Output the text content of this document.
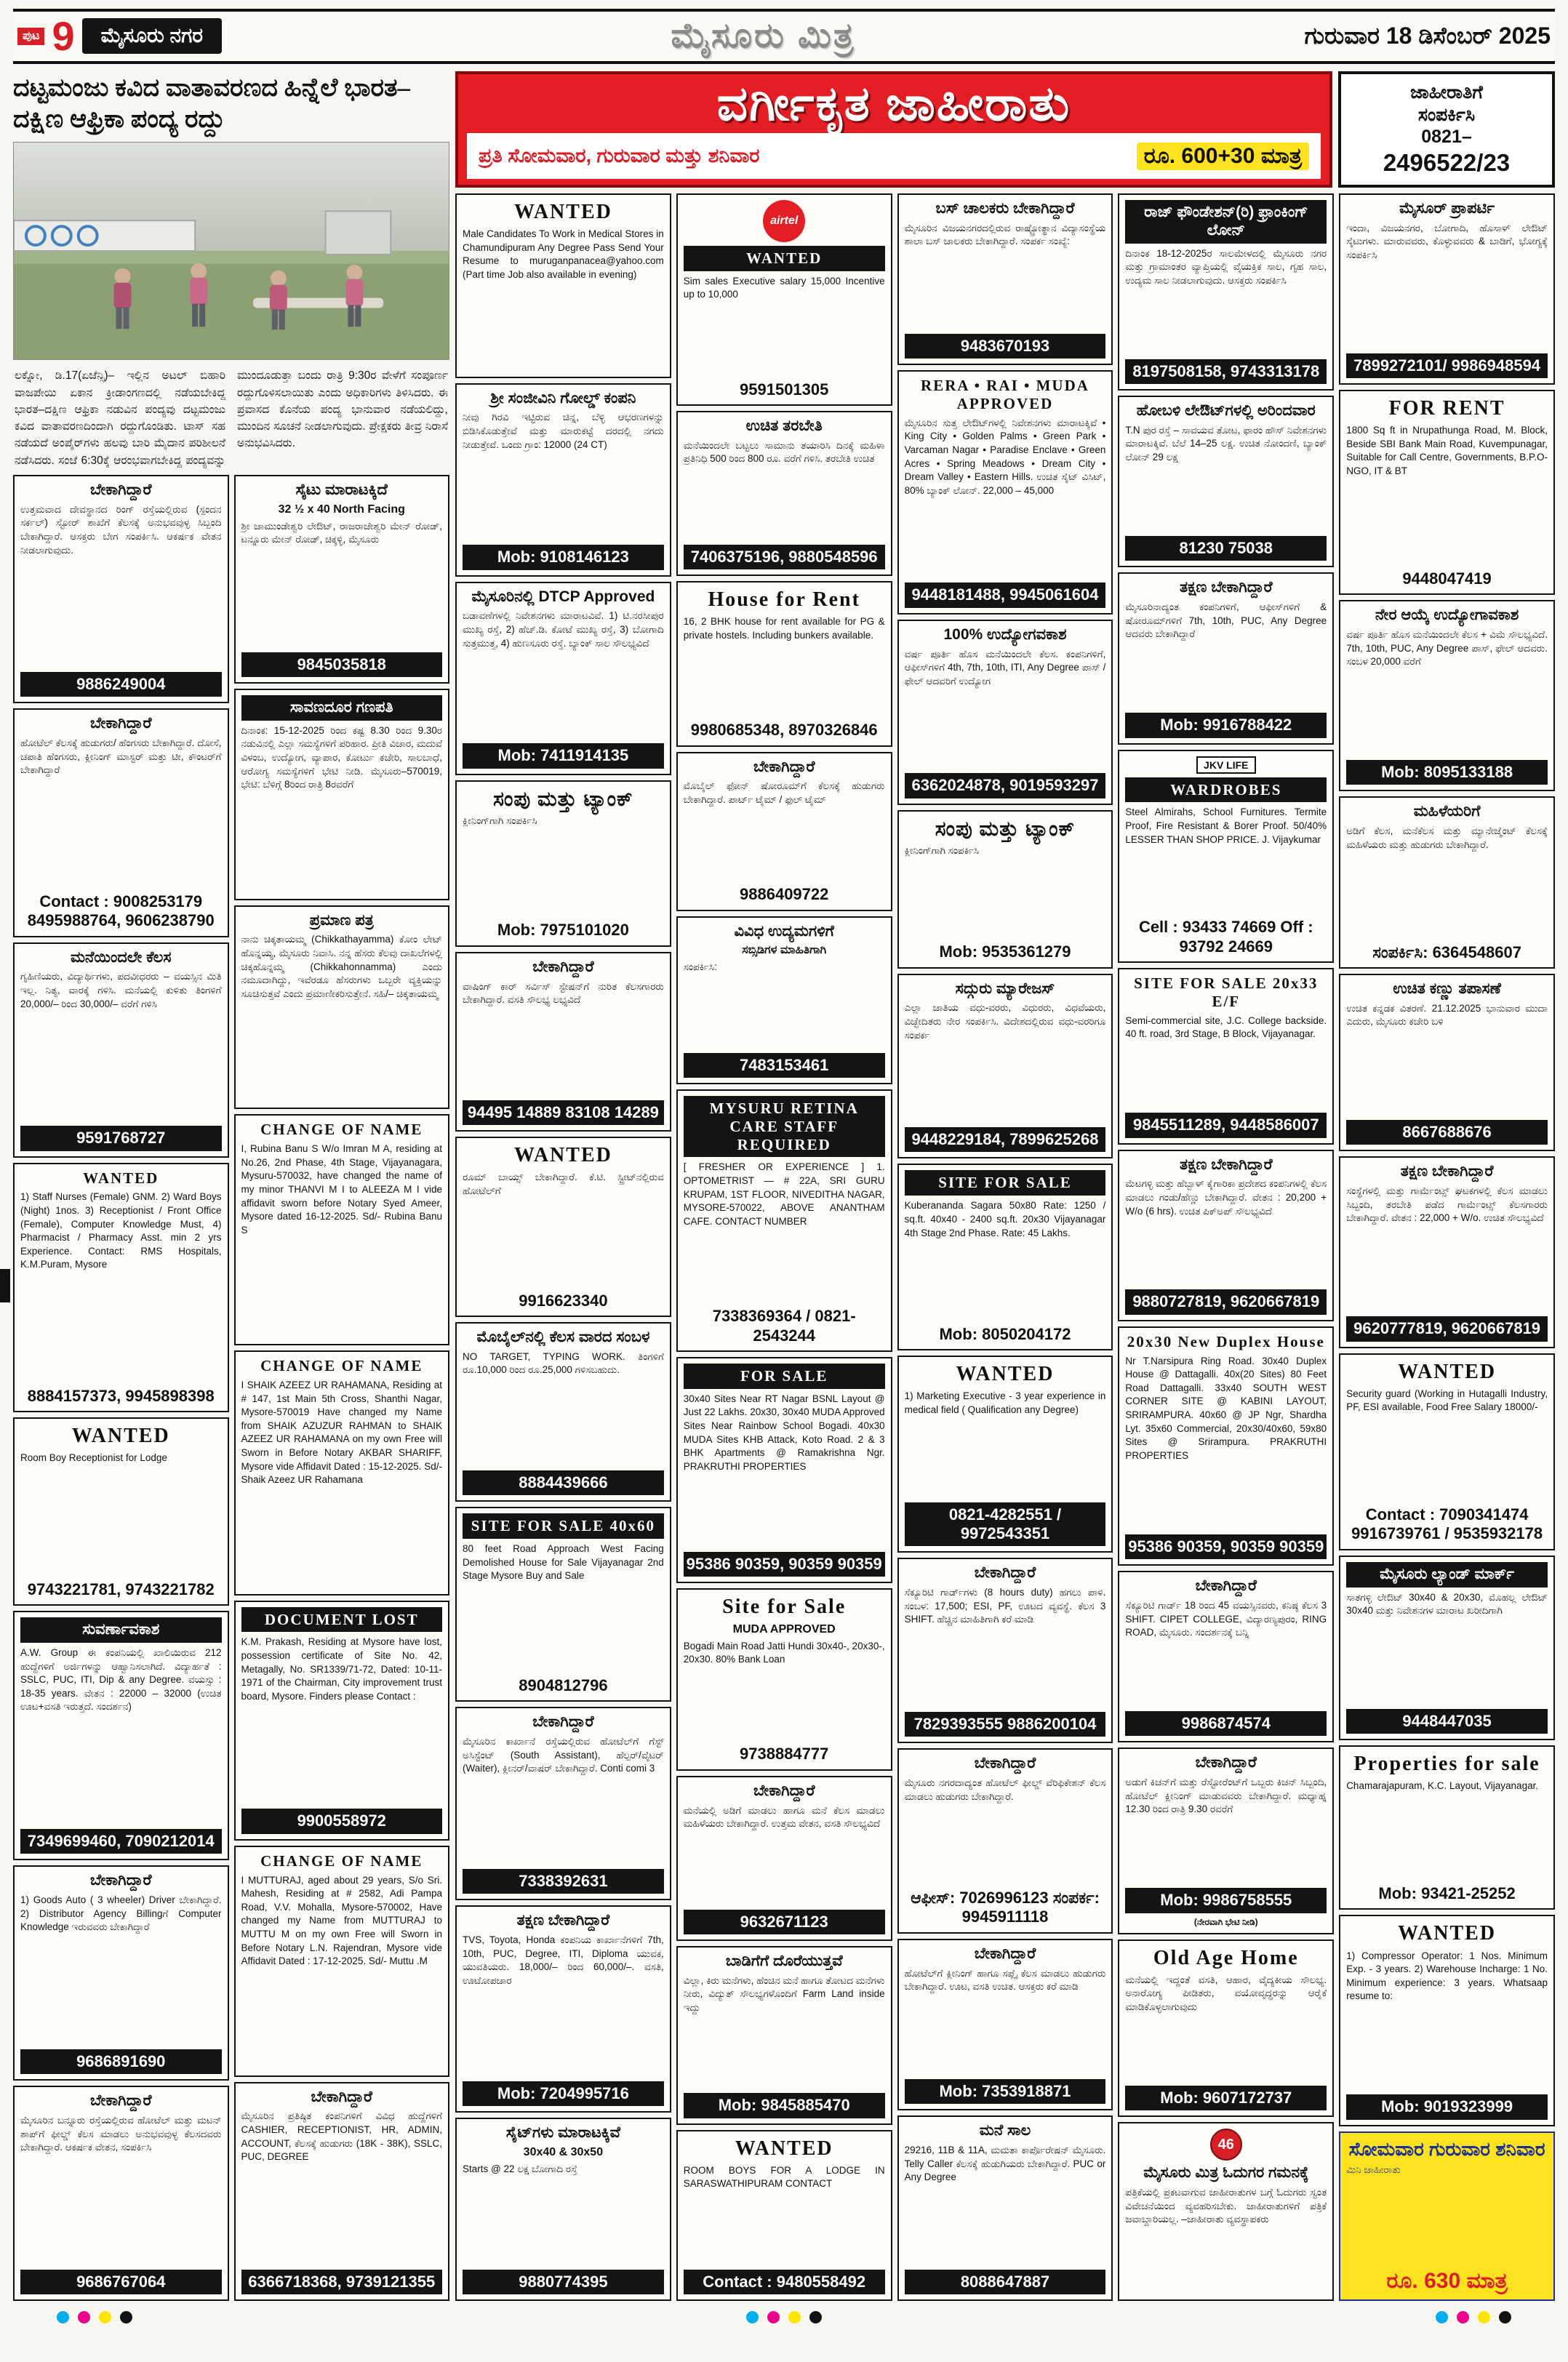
ಪುಟ 9	ಮೈಸೂರು ನಗರ	ಮೈಸೂರು ಮಿತ್ರ	ಗುರುವಾರ 18 ಡಿಸೆಂಬರ್ 2025
ದಟ್ಟಮಂಜು ಕವಿದ ವಾತಾವರಣದ ಹಿನ್ನೆಲೆ ಭಾರತ–ದಕ್ಷಿಣ ಆಫ್ರಿಕಾ ಪಂದ್ಯ ರದ್ದು
ಲಕ್ನೋ, ಡಿ.17(ಏಜೆನ್ಸಿ)– ಇಲ್ಲಿನ ಅಟಲ್ ಬಿಹಾರಿ ವಾಜಪೇಯಿ ಏಕಾನ ಕ್ರೀಡಾಂಗಣದಲ್ಲಿ ನಡೆಯಬೇಕಿದ್ದ ಭಾರತ–ದಕ್ಷಿಣ ಆಫ್ರಿಕಾ ನಡುವಿನ ಪಂದ್ಯವು ದಟ್ಟಮಂಜು ಕವಿದ ವಾತಾವರಣದಿಂದಾಗಿ ರದ್ದುಗೊಂಡಿತು. ಟಾಸ್ ಸಹ ನಡೆಯದೆ ಅಂಪೈರ್‌ಗಳು ಹಲವು ಬಾರಿ ಮೈದಾನ ಪರಿಶೀಲನೆ ನಡೆಸಿದರು. ಸಂಜೆ 6:30ಕ್ಕೆ ಆರಂಭವಾಗಬೇಕಿದ್ದ ಪಂದ್ಯವನ್ನು ಮುಂದೂಡುತ್ತಾ ಬಂದು ರಾತ್ರಿ 9:30ರ ವೇಳೆಗೆ ಸಂಪೂರ್ಣ ರದ್ದುಗೊಳಿಸಲಾಯಿತು ಎಂದು ಅಧಿಕಾರಿಗಳು ತಿಳಿಸಿದರು. ಈ ಪ್ರವಾಸದ ಕೊನೆಯ ಪಂದ್ಯ ಭಾನುವಾರ ನಡೆಯಲಿದ್ದು, ಮುಂದಿನ ಸೂಚನೆ ನೀಡಲಾಗುವುದು. ಪ್ರೇಕ್ಷಕರು ತೀವ್ರ ನಿರಾಸೆ ಅನುಭವಿಸಿದರು.
ಬೇಕಾಗಿದ್ದಾರೆ
ಉತ್ತಮವಾದ ದೇವಸ್ಥಾನದ ರಿಂಗ್ ರಸ್ತೆಯಲ್ಲಿರುವ (ಸ್ಪಂದನ ಸರ್ಕಲ್) ಸ್ಟೋರ್ ಶಾಖೆಗೆ ಕೆಲಸಕ್ಕೆ ಅನುಭವವುಳ್ಳ ಸಿಬ್ಬಂದಿ ಬೇಕಾಗಿದ್ದಾರೆ. ಆಸಕ್ತರು ಬೇಗ ಸಂಪರ್ಕಿಸಿ. ಆಕರ್ಷಕ ವೇತನ ನೀಡಲಾಗುವುದು.
9886249004
ಬೇಕಾಗಿದ್ದಾರೆ
ಹೋಟೆಲ್ ಕೆಲಸಕ್ಕೆ ಹುಡುಗರು/ ಹೆಂಗಸರು ಬೇಕಾಗಿದ್ದಾರೆ. ದೋಸೆ, ಚಪಾತಿ ಹೆಂಗಸರು, ಕ್ಲೀನಿಂಗ್ ಮಾಸ್ಟರ್ ಮತ್ತು ಟೀ, ಕೌಂಟರ್‌ಗೆ ಬೇಕಾಗಿದ್ದಾರೆ
Contact : 9008253179 8495988764, 9606238790
ಮನೆಯಿಂದಲೇ ಕೆಲಸ
ಗೃಹಿಣಿಯರು, ವಿದ್ಯಾರ್ಥಿಗಳು, ಪದವೀಧರರು – ವಯಸ್ಸಿನ ಮಿತಿ ಇಲ್ಲ. ನಿತ್ಯ, ವಾರಕ್ಕೆ ಗಳಿಸಿ. ಮನೆಯಲ್ಲಿ ಕುಳಿತು ತಿಂಗಳಿಗೆ 20,000/– ರಿಂದ 30,000/– ವರೆಗೆ ಗಳಿಸಿ
9591768727
WANTED
1) Staff Nurses (Female) GNM. 2) Ward Boys (Night) 1nos. 3) Receptionist / Front Office (Female), Computer Knowledge Must, 4) Pharmacist / Pharmacy Asst. min 2 yrs Experience. Contact: RMS Hospitals, K.M.Puram, Mysore
8884157373, 9945898398
WANTED
Room Boy Receptionist for Lodge
9743221781, 9743221782
ಸುವರ್ಣಾವಕಾಶ
A.W. Group ಈ ಕಂಪನಿಯಲ್ಲಿ ಖಾಲಿಯಿರುವ 212 ಹುದ್ದೆಗಳಿಗೆ ಅರ್ಜಿಗಳನ್ನು ಆಹ್ವಾನಿಸಲಾಗಿದೆ. ವಿದ್ಯಾರ್ಹತೆ : SSLC, PUC, ITI, Dip & any Degree. ವಯಸ್ಸು : 18-35 years. ವೇತನ : 22000 – 32000 (ಉಚಿತ ಊಟ+ವಸತಿ ಇರುತ್ತದೆ. ಸಂದರ್ಶನ)
7349699460, 7090212014
ಬೇಕಾಗಿದ್ದಾರೆ
1) Goods Auto ( 3 wheeler) Driver ಬೇಕಾಗಿದ್ದಾರೆ. 2) Distributor Agency Billingಗೆ Computer Knowledge ಇರುವವರು ಬೇಕಾಗಿದ್ದಾರೆ
9686891690
ಬೇಕಾಗಿದ್ದಾರೆ
ಮೈಸೂರಿನ ಬನ್ನೂರು ರಸ್ತೆಯಲ್ಲಿರುವ ಹೋಟೆಲ್ ಮತ್ತು ಮಟನ್ ಶಾಪ್‌ಗೆ ಫೀಲ್ಡ್ ಕೆಲಸ ಮಾಡಲು ಅನುಭವವುಳ್ಳ ಕೆಲಸದವರು ಬೇಕಾಗಿದ್ದಾರೆ. ಆಕರ್ಷಕ ವೇತನ, ಸಂಪರ್ಕಿಸಿ
9686767064
ಸೈಟು ಮಾರಾಟಕ್ಕಿದೆ
32 ½ x 40 North Facing
ಶ್ರೀ ಚಾಮುಂಡೇಶ್ವರಿ ಲೇಔಟ್, ರಾಜರಾಜೇಶ್ವರಿ ಮೇನ್ ರೋಡ್, ಟನ್ನೂರು ಮೇನ್ ರೋಡ್, ಚಿಕ್ಕಳ್ಳಿ, ಮೈಸೂರು
9845035818
ಸಾವಣದೂರ ಗಣಪತಿ
ದಿನಾಂಕ: 15-12-2025 ರಿಂದ ಕಷ್ಟ 8.30 ರಿಂದ 9.30ರ ನಡುವಿನಲ್ಲಿ ಎಲ್ಲಾ ಸಮಸ್ಯೆಗಳಿಗೆ ಪರಿಹಾರ. ಪ್ರೀತಿ ವಿಚಾರ, ಮದುವೆ ವಿಳಂಬ, ಉದ್ಯೋಗ, ವ್ಯಾಪಾರ, ಕೋರ್ಟು ಕಚೇರಿ, ಸಾಲಬಾಧೆ, ಆರೋಗ್ಯ ಸಮಸ್ಯೆಗಳಿಗೆ ಭೇಟಿ ನೀಡಿ. ಮೈಸೂರು–570019, ಭೇಟಿ: ಬೆಳಿಗ್ಗೆ 8ರಿಂದ ರಾತ್ರಿ 8ರವರೆಗೆ
ಪ್ರಮಾಣ ಪತ್ರ
ನಾನು ಚಿಕ್ಕತಾಯಮ್ಮ (Chikkathayamma) ಕೋಂ ಲೇಟ್ ಹೊನ್ನಯ್ಯ, ಮೈಸೂರು ನಿವಾಸಿ. ನನ್ನ ಹೆಸರು ಕೆಲವು ದಾಖಲೆಗಳಲ್ಲಿ ಚಿಕ್ಕಹೊನ್ನಮ್ಮ (Chikkahonnamma) ಎಂದು ನಮೂದಾಗಿದ್ದು, ಇವೆರಡೂ ಹೆಸರುಗಳು ಒಬ್ಬರೇ ವ್ಯಕ್ತಿಯನ್ನು ಸೂಚಿಸುತ್ತವೆ ಎಂದು ಪ್ರಮಾಣೀಕರಿಸುತ್ತೇನೆ. ಸಹಿ/– ಚಿಕ್ಕತಾಯಮ್ಮ
CHANGE OF NAME
I, Rubina Banu S W/o Imran M A, residing at No.26, 2nd Phase, 4th Stage, Vijayanagara, Mysuru-570032, have changed the name of my minor THANVI M I to ALEEZA M I vide affidavit sworn before Notary Syed Ameer, Mysore dated 16-12-2025. Sd/- Rubina Banu S
CHANGE OF NAME
I SHAIK AZEEZ UR RAHAMANA, Residing at # 147, 1st Main 5th Cross, Shanthi Nagar, Mysore-570019 Have changed my Name from SHAIK AZUZUR RAHMAN to SHAIK AZEEZ UR RAHAMANA on my own Free will Sworn in Before Notary AKBAR SHARIFF, Mysore vide Affidavit Dated : 15-12-2025. Sd/- Shaik Azeez UR Rahamana
DOCUMENT LOST
K.M. Prakash, Residing at Mysore have lost, possession certificate of Site No. 42, Metagally, No. SR1339/71-72, Dated: 10-11-1971 of the Chairman, City improvement trust board, Mysore. Finders please Contact :
9900558972
CHANGE OF NAME
I MUTTURAJ, aged about 29 years, S/o Sri. Mahesh, Residing at # 2582, Adi Pampa Road, V.V. Mohalla, Mysore-570002, Have changed my Name from MUTTURAJ to MUTTU M on my own Free will Sworn in Before Notary L.N. Rajendran, Mysore vide Affidavit Dated : 17-12-2025. Sd/- Muttu .M
ಬೇಕಾಗಿದ್ದಾರೆ
ಮೈಸೂರಿನ ಪ್ರತಿಷ್ಠಿತ ಕಂಪನಿಗಳಿಗೆ ವಿವಿಧ ಹುದ್ದೆಗಳಿಗೆ CASHIER, RECEPTIONIST, HR, ADMIN, ACCOUNT, ಕೆಲಸಕ್ಕೆ ಹುಡುಗರು (18K - 38K), SSLC, PUC, DEGREE
6366718368, 9739121355
ವರ್ಗೀಕೃತ ಜಾಹೀರಾತು
ಪ್ರತಿ ಸೋಮವಾರ, ಗುರುವಾರ ಮತ್ತು ಶನಿವಾರ	ರೂ. 600+30 ಮಾತ್ರ
ಜಾಹೀರಾತಿಗೆ
ಸಂಪರ್ಕಿಸಿ
0821–
2496522/23
WANTED
Male Candidates To Work in Medical Stores in Chamundipuram Any Degree Pass Send Your Resume to muruganpanacea@yahoo.com (Part time Job also available in evening)
ಶ್ರೀ ಸಂಜೀವಿನಿ ಗೋಲ್ಡ್ ಕಂಪನಿ
ನೀವು ಗಿರವಿ ಇಟ್ಟಿರುವ ಚಿನ್ನ, ಬೆಳ್ಳಿ ಆಭರಣಗಳನ್ನು ಬಿಡಿಸಿಕೊಡುತ್ತೇವೆ ಮತ್ತು ಮಾರುಕಟ್ಟೆ ದರದಲ್ಲಿ ನಗದು ನೀಡುತ್ತೇವೆ. ಒಂದು ಗ್ರಾಂ: 12000 (24 CT)
Mob: 9108146123
ಮೈಸೂರಿನಲ್ಲಿ DTCP Approved
ಬಡಾವಣೆಗಳಲ್ಲಿ ನಿವೇಶನಗಳು ಮಾರಾಟವಿವೆ. 1) ಟಿ.ನರಸೀಪುರ ಮುಖ್ಯ ರಸ್ತೆ, 2) ಹೆಚ್.ಡಿ. ಕೋಟೆ ಮುಖ್ಯ ರಸ್ತೆ, 3) ಬೋಗಾದಿ ಸುತ್ತಮುತ್ತ, 4) ಹುಣಸೂರು ರಸ್ತೆ. ಬ್ಯಾಂಕ್ ಸಾಲ ಸೌಲಭ್ಯವಿದೆ
Mob: 7411914135
ಸಂಪು ಮತ್ತು ಟ್ಯಾಂಕ್
ಕ್ಲೀನಿಂಗ್‌ಗಾಗಿ ಸಂಪರ್ಕಿಸಿ
Mob: 7975101020
ಬೇಕಾಗಿದ್ದಾರೆ
ವಾಷಿಂಗ್ ಕಾರ್ ಸರ್ವಿಸ್ ಸ್ಟೇಷನ್‌ಗೆ ನುರಿತ ಕೆಲಸಗಾರರು ಬೇಕಾಗಿದ್ದಾರೆ. ವಸತಿ ಸೌಲಭ್ಯ ಲಭ್ಯವಿದೆ
94495 14889 83108 14289
WANTED
ರೂಮ್ ಬಾಯ್ಸ್ ಬೇಕಾಗಿದ್ದಾರೆ. ಕೆ.ಟಿ. ಸ್ಟ್ರೀಟ್‌ನಲ್ಲಿರುವ ಹೋಟೆಲ್‌ಗೆ
9916623340
ಮೊಬೈಲ್‌ನಲ್ಲಿ ಕೆಲಸ ವಾರದ ಸಂಬಳ
NO TARGET, TYPING WORK. ತಿಂಗಳಿಗೆ ರೂ.10,000 ರಿಂದ ರೂ.25,000 ಗಳಿಸಬಹುದು.
8884439666
SITE FOR SALE 40x60
80 feet Road Approach West Facing Demolished House for Sale Vijayanagar 2nd Stage Mysore Buy and Sale
8904812796
ಬೇಕಾಗಿದ್ದಾರೆ
ಮೈಸೂರಿನ ಕಾರ್ಖಾನೆ ರಸ್ತೆಯಲ್ಲಿರುವ ಹೋಟೆಲ್‌ಗೆ ಗೆಸ್ಟ್ ಅಸಿಸ್ಟೆಂಟ್ (South Assistant), ಹೆಲ್ಪರ್/ವೈಟರ್ (Waiter), ಕ್ಲೀನರ್/ವಾಷರ್ ಬೇಕಾಗಿದ್ದಾರೆ. Conti comi 3
7338392631
ತಕ್ಷಣ ಬೇಕಾಗಿದ್ದಾರೆ
TVS, Toyota, Honda ಕಂಪನಿಯ ಕಾರ್ಖಾನೆಗಳಿಗೆ 7th, 10th, PUC, Degree, ITI, Diploma ಯುವಕ, ಯುವತಿಯರು. 18,000/– ರಿಂದ 60,000/–. ವಸತಿ, ಊಟೋಪಚಾರ
Mob: 7204995716
ಸೈಟ್‌ಗಳು ಮಾರಾಟಕ್ಕಿವೆ
30x40 & 30x50
Starts @ 22 ಲಕ್ಷ ಬೋಗಾದಿ ರಸ್ತೆ
9880774395
airtel
WANTED
Sim sales Executive salary 15,000 Incentive up to 10,000
9591501305
ಉಚಿತ ತರಬೇತಿ
ಮನೆಯಿಂದಲೇ ಬಟ್ಟಲು ಸಾಮಾನು ತಯಾರಿಸಿ ದಿನಕ್ಕೆ ಮಹಿಳಾ ಪ್ರತಿನಿಧಿ 500 ರಿಂದ 800 ರೂ. ವರೆಗೆ ಗಳಿಸಿ. ತರಬೇತಿ ಉಚಿತ
7406375196, 9880548596
House for Rent
16, 2 BHK house for rent available for PG & private hostels. Including bunkers available.
9980685348, 8970326846
ಬೇಕಾಗಿದ್ದಾರೆ
ಮೊಬೈಲ್ ಫೋನ್ ಷೋರೂಮ್‌ಗೆ ಕೆಲಸಕ್ಕೆ ಹುಡುಗರು ಬೇಕಾಗಿದ್ದಾರೆ. ಪಾರ್ಟ್ ಟೈಮ್ / ಫುಲ್ ಟೈಮ್
9886409722
ವಿವಿಧ ಉದ್ಯಮಗಳಿಗೆ
ಸಬ್ಸಿಡಿಗಳ ಮಾಹಿತಿಗಾಗಿ
ಸಂಪರ್ಕಿಸಿ:
7483153461
MYSURU RETINA CARE STAFF REQUIRED
[ FRESHER OR EXPERIENCE ] 1. OPTOMETRIST — # 22A, SRI GURU KRUPAM, 1ST FLOOR, NIVEDITHA NAGAR, MYSORE-570022, ABOVE ANANTHAM CAFE. CONTACT NUMBER
7338369364 / 0821-2543244
FOR SALE
30x40 Sites Near RT Nagar BSNL Layout @ Just 22 Lakhs. 20x30, 30x40 MUDA Approved Sites Near Rainbow School Bogadi. 40x30 MUDA Sites KHB Attack, Koto Road. 2 & 3 BHK Apartments @ Ramakrishna Ngr. PRAKRUTHI PROPERTIES
95386 90359, 90359 90359
Site for Sale
MUDA APPROVED
Bogadi Main Road Jatti Hundi 30x40-, 20x30-, 20x30. 80% Bank Loan
9738884777
ಬೇಕಾಗಿದ್ದಾರೆ
ಮನೆಯಲ್ಲಿ ಅಡಿಗೆ ಮಾಡಲು ಹಾಗೂ ಮನೆ ಕೆಲಸ ಮಾಡಲು ಮಹಿಳೆಯರು ಬೇಕಾಗಿದ್ದಾರೆ. ಉತ್ತಮ ವೇತನ, ವಸತಿ ಸೌಲಭ್ಯವಿದೆ
9632671123
ಬಾಡಿಗೆಗೆ ದೊರೆಯುತ್ತವೆ
ವಿಲ್ಲಾ, ಕಿರು ಮನೆಗಳು, ಹೆಂಚಿನ ಮನೆ ಹಾಗೂ ತೋಟದ ಮನೆಗಳು ನೀರು, ವಿದ್ಯುತ್ ಸೌಲಭ್ಯಗಳೊಂದಿಗೆ Farm Land inside ಇದ್ದು
Mob: 9845885470
WANTED
ROOM BOYS FOR A LODGE IN SARASWATHIPURAM CONTACT
Contact : 9480558492
ಬಸ್ ಚಾಲಕರು ಬೇಕಾಗಿದ್ದಾರೆ
ಮೈಸೂರಿನ ವಿಜಯನಗರದಲ್ಲಿರುವ ರಾಷ್ಟ್ರೋತ್ಥಾನ ವಿದ್ಯಾಸಂಸ್ಥೆಯ ಶಾಲಾ ಬಸ್ ಚಾಲಕರು ಬೇಕಾಗಿದ್ದಾರೆ. ಸಂಪರ್ಕ ಸಂಖ್ಯೆ:
9483670193
RERA • RAI • MUDA APPROVED
ಮೈಸೂರಿನ ಸುತ್ತ ಲೇಔಟ್‌ಗಳಲ್ಲಿ ನಿವೇಶನಗಳು ಮಾರಾಟಕ್ಕಿವೆ • King City • Golden Palms • Green Park • Varcaman Nagar • Paradise Enclave • Green Acres • Spring Meadows • Dream City • Dream Valley • Eastern Hills. ಉಚಿತ ಸೈಟ್ ವಿಸಿಟ್, 80% ಬ್ಯಾಂಕ್ ಲೋನ್. 22,000 – 45,000
9448181488, 9945061604
100% ಉದ್ಯೋಗವಕಾಶ
ವರ್ಷ ಪೂರ್ತಿ ಹೊಸ ಮನೆಯಿಂದಲೇ ಕೆಲಸ. ಕಂಪನಿಗಳಿಗೆ, ಆಫೀಸ್‌ಗಳಿಗೆ 4th, 7th, 10th, ITI, Any Degree ಪಾಸ್ / ಫೇಲ್ ಆದವರಿಗೆ ಉದ್ಯೋಗ
6362024878, 9019593297
ಸಂಪು ಮತ್ತು ಟ್ಯಾಂಕ್
ಕ್ಲೀನಿಂಗ್‌ಗಾಗಿ ಸಂಪರ್ಕಿಸಿ
Mob: 9535361279
ಸದ್ಗುರು ಮ್ಯಾರೇಜಸ್
ಎಲ್ಲಾ ಜಾತಿಯ ವಧು-ವರರು, ವಿಧುರರು, ವಿಧವೆಯರು, ವಿಚ್ಛೇದಿತರು ನೇರ ಸಂಪರ್ಕಿಸಿ. ವಿದೇಶದಲ್ಲಿರುವ ವಧು-ವರರಿಗೂ ಸಂಪರ್ಕ
9448229184, 7899625268
SITE FOR SALE
Kuberananda Sagara 50x80 Rate: 1250 / sq.ft. 40x40 - 2400 sq.ft. 20x30 Vijayanagar 4th Stage 2nd Phase. Rate: 45 Lakhs.
Mob: 8050204172
WANTED
1) Marketing Executive - 3 year experience in medical field ( Qualification any Degree)
0821-4282551 / 9972543351
ಬೇಕಾಗಿದ್ದಾರೆ
ಸೆಕ್ಯೂರಿಟಿ ಗಾರ್ಡ್‌ಗಳು (8 hours duty) ಹಗಲು ಪಾಳಿ. ಸಂಬಳ: 17,500; ESI, PF, ಊಟದ ವ್ಯವಸ್ಥೆ. ಕೆಲಸ 3 SHIFT. ಹೆಚ್ಚಿನ ಮಾಹಿತಿಗಾಗಿ ಕರೆ ಮಾಡಿ
7829393555 9886200104
ಬೇಕಾಗಿದ್ದಾರೆ
ಮೈಸೂರು ನಗರದಾದ್ಯಂತ ಹೋಟೆಲ್ ಫೀಲ್ಡ್ ವೆರಿಫಿಕೇಶನ್ ಕೆಲಸ ಮಾಡಲು ಹುಡುಗರು ಬೇಕಾಗಿದ್ದಾರೆ.
ಆಫೀಸ್: 7026996123 ಸಂಪರ್ಕ: 9945911118
ಬೇಕಾಗಿದ್ದಾರೆ
ಹೋಟೆಲ್‌ಗೆ ಕ್ಲೀನಿಂಗ್ ಹಾಗೂ ಸಪ್ಲೈ ಕೆಲಸ ಮಾಡಲು ಹುಡುಗರು ಬೇಕಾಗಿದ್ದಾರೆ. ಊಟ, ವಸತಿ ಉಚಿತ. ಆಸಕ್ತರು ಕರೆ ಮಾಡಿ
Mob: 7353918871
ಮನೆ ಸಾಲ
29216, 11B & 11A, ಮಮತಾ ಕಾರ್ಪೊರೇಷನ್ ಮೈಸೂರು. Telly Caller ಕೆಲಸಕ್ಕೆ ಹುಡುಗಿಯರು ಬೇಕಾಗಿದ್ದಾರೆ. PUC or Any Degree
8088647887
ರಾಜ್ ಫೌಂಡೇಶನ್(ರಿ) ಫ್ರಾಂಕಿಂಗ್ ಲೋನ್
ದಿನಾಂಕ 18-12-2025ರ ಸಾಲಮೇಳದಲ್ಲಿ ಮೈಸೂರು ನಗರ ಮತ್ತು ಗ್ರಾಮಾಂತರ ವ್ಯಾಪ್ತಿಯಲ್ಲಿ ವೈಯಕ್ತಿಕ ಸಾಲ, ಗೃಹ ಸಾಲ, ಉದ್ಯಮ ಸಾಲ ನೀಡಲಾಗುವುದು. ಆಸಕ್ತರು ಸಂಪರ್ಕಿಸಿ
8197508158, 9743313178
ಹೋಬಳಿ ಲೇಔಟ್‌ಗಳಲ್ಲಿ ಅರಿಂದವಾರ
T.N ಪುರ ರಸ್ತೆ – ಸಾವಯವ ತೋಟ, ಫಾರಂ ಹೌಸ್ ನಿವೇಶನಗಳು ಮಾರಾಟಕ್ಕಿವೆ. ಬೆಲೆ 14–25 ಲಕ್ಷ. ಉಚಿತ ನೋಂದಣಿ, ಬ್ಯಾಂಕ್ ಲೋನ್ 29 ಲಕ್ಷ
81230 75038
ತಕ್ಷಣ ಬೇಕಾಗಿದ್ದಾರೆ
ಮೈಸೂರಿನಾದ್ಯಂತ ಕಂಪನಿಗಳಿಗೆ, ಆಫೀಸ್‌ಗಳಿಗೆ & ಷೋರೂಮ್‌ಗಳಿಗೆ 7th, 10th, PUC, Any Degree ಆದವರು ಬೇಕಾಗಿದ್ದಾರೆ
Mob: 9916788422
JKV LIFE
WARDROBES
Steel Almirahs, School Furnitures. Termite Proof, Fire Resistant & Borer Proof. 50/40% LESSER THAN SHOP PRICE. J. Vijaykumar
Cell : 93433 74669 Off : 93792 24669
SITE FOR SALE 20x33 E/F
Semi-commercial site, J.C. College backside. 40 ft. road, 3rd Stage, B Block, Vijayanagar.
9845511289, 9448586007
ತಕ್ಷಣ ಬೇಕಾಗಿದ್ದಾರೆ
ಮೆಟಗಳ್ಳಿ ಮತ್ತು ಹೆಬ್ಬಾಳ್ ಕೈಗಾರಿಕಾ ಪ್ರದೇಶದ ಕಂಪನಿಗಳಲ್ಲಿ ಕೆಲಸ ಮಾಡಲು ಗಂಡು/ಹೆಣ್ಣು ಬೇಕಾಗಿದ್ದಾರೆ. ವೇತನ : 20,200 + W/o (6 hrs). ಉಚಿತ ಪಿಕ್‌ಅಪ್ ಸೌಲಭ್ಯವಿದೆ
9880727819, 9620667819
20x30 New Duplex House
Nr T.Narsipura Ring Road. 30x40 Duplex House @ Dattagalli. 40x(20 Sites) 80 Feet Road Dattagalli. 33x40 SOUTH WEST CORNER SITE @ KABINI LAYOUT, SRIRAMPURA. 40x60 @ JP Ngr, Shardha Lyt. 35x60 Commercial, 20x30/40x60, 59x80 Sites @ Srirampura. PRAKRUTHI PROPERTIES
95386 90359, 90359 90359
ಬೇಕಾಗಿದ್ದಾರೆ
ಸೆಕ್ಯೂರಿಟಿ ಗಾರ್ಡ್ 18 ರಿಂದ 45 ವಯಸ್ಸಿನವರು, ಕನಿಷ್ಠ ಕೆಲಸ 3 SHIFT. CIPET COLLEGE, ವಿದ್ಯಾರಣ್ಯಪುರಂ, RING ROAD, ಮೈಸೂರು. ಸಂದರ್ಶನಕ್ಕೆ ಬನ್ನಿ
9986874574
ಬೇಕಾಗಿದ್ದಾರೆ
ಅಡುಗೆ ಕಿಚನ್‌ಗೆ ಮತ್ತು ರೆಸ್ಟೋರೆಂಟ್‌ಗೆ ಒಬ್ಬರು ಕಿಚನ್ ಸಿಬ್ಬಂದಿ, ಹೋಟೆಲ್ ಕ್ಲೀನಿಂಗ್ ಮಾಡುವವರು ಬೇಕಾಗಿದ್ದಾರೆ. ಮಧ್ಯಾಹ್ನ 12.30 ರಿಂದ ರಾತ್ರಿ 9.30 ರವರೆಗೆ
Mob: 9986758555
(ನೇರವಾಗಿ ಭೇಟಿ ನೀಡಿ)
Old Age Home
ಮನೆಯಲ್ಲಿ ಇದ್ದಂತೆ ವಸತಿ, ಆಹಾರ, ವೈದ್ಯಕೀಯ ಸೌಲಭ್ಯ. ಅನಾರೋಗ್ಯ ಪೀಡಿತರು, ವಯೋವೃದ್ಧರನ್ನು ಆರೈಕೆ ಮಾಡಿಕೊಳ್ಳಲಾಗುವುದು
Mob: 9607172737
46
ಮೈಸೂರು ಮಿತ್ರ ಓದುಗರ ಗಮನಕ್ಕೆ
ಪತ್ರಿಕೆಯಲ್ಲಿ ಪ್ರಕಟವಾಗುವ ಜಾಹೀರಾತುಗಳ ಬಗ್ಗೆ ಓದುಗರು ಸ್ವಂತ ವಿವೇಚನೆಯಿಂದ ವ್ಯವಹರಿಸಬೇಕು. ಜಾಹೀರಾತುಗಳಿಗೆ ಪತ್ರಿಕೆ ಜವಾಬ್ದಾರಿಯಲ್ಲ. –ಜಾಹೀರಾತು ವ್ಯವಸ್ಥಾಪಕರು
ಮೈಸೂರ್ ಪ್ರಾಪರ್ಟಿ
ಇಂದಾ, ವಿಜಯನಗರ, ಬೋಗಾದಿ, ಹೊಸಾಳ್ ಲೇಔಟ್ ಸೈಟುಗಳು. ಮಾರುವವರು, ಕೊಳ್ಳುವವರು & ಬಾಡಿಗೆ, ಭೋಗ್ಯಕ್ಕೆ ಸಂಪರ್ಕಿಸಿ
7899272101/ 9986948594
FOR RENT
1800 Sq ft in Nrupathunga Road, M. Block, Beside SBI Bank Main Road, Kuvempunagar, Suitable for Call Centre, Governments, B.P.O- NGO, IT & BT
9448047419
ನೇರ ಆಯ್ಕೆ ಉದ್ಯೋಗಾವಕಾಶ
ವರ್ಷ ಪೂರ್ತಿ ಹೊಸ ಮನೆಯಿಂದಲೇ ಕೆಲಸ + ವಿಮೆ ಸೌಲಭ್ಯವಿದೆ. 7th, 10th, PUC, Any Degree ಪಾಸ್, ಫೇಲ್ ಆದವರು. ಸಂಬಳ 20,000 ವರೆಗೆ
Mob: 8095133188
ಮಹಿಳೆಯರಿಗೆ
ಅಡಿಗೆ ಕೆಲಸ, ಮನೆಕೆಲಸ ಮತ್ತು ಮ್ಯಾನೇಜ್ಮೆಂಟ್ ಕೆಲಸಕ್ಕೆ ಮಹಿಳೆಯರು ಮತ್ತು ಹುಡುಗರು ಬೇಕಾಗಿದ್ದಾರೆ.
ಸಂಪರ್ಕಿಸಿ: 6364548607
ಉಚಿತ ಕಣ್ಣು ತಪಾಸಣೆ
ಉಚಿತ ಕನ್ನಡಕ ವಿತರಣೆ. 21.12.2025 ಭಾನುವಾರ ಮುದಾ ಎದುರು, ಮೈಸೂರು ಕಚೇರಿ ಬಳಿ
8667688676
ತಕ್ಷಣ ಬೇಕಾಗಿದ್ದಾರೆ
ಸಂಸ್ಥೆಗಳಲ್ಲಿ ಮತ್ತು ಗಾರ್ಮೆಂಟ್ಸ್ ಘಟಕಗಳಲ್ಲಿ ಕೆಲಸ ಮಾಡಲು ಸಿಬ್ಬಂದಿ, ತರಬೇತಿ ಪಡೆದ ಗಾರ್ಮೆಂಟ್ಸ್ ಕೆಲಸಗಾರರು ಬೇಕಾಗಿದ್ದಾರೆ. ವೇತನ : 22,000 + W/o. ಉಚಿತ ಸೌಲಭ್ಯವಿದೆ
9620777819, 9620667819
WANTED
Security guard (Working in Hutagalli Industry, PF, ESI available, Food Free Salary 18000/-
Contact : 7090341474 9916739761 / 9535932178
ಮೈಸೂರು ಲ್ಯಾಂಡ್ ಮಾರ್ಕ್
ಸಾತಗಳ್ಳಿ ಲೇಔಟ್ 30x40 & 20x30, ಮೊಹಲ್ಲ ಲೇಔಟ್ 30x40 ಮತ್ತು ನಿವೇಶನಗಳ ಮಾರಾಟ ಖರೀದಿಗಾಗಿ
9448447035
Properties for sale
Chamarajapuram, K.C. Layout, Vijayanagar.
Mob: 93421-25252
WANTED
1) Compressor Operator: 1 Nos. Minimum Exp. - 3 years. 2) Warehouse Incharge: 1 No. Minimum experience: 3 years. Whatsaap resume to:
Mob: 9019323999
ಸೋಮವಾರ ಗುರುವಾರ ಶನಿವಾರ
ಮಿನಿ ಜಾಹೀರಾತು
ರೂ. 630 ಮಾತ್ರ
